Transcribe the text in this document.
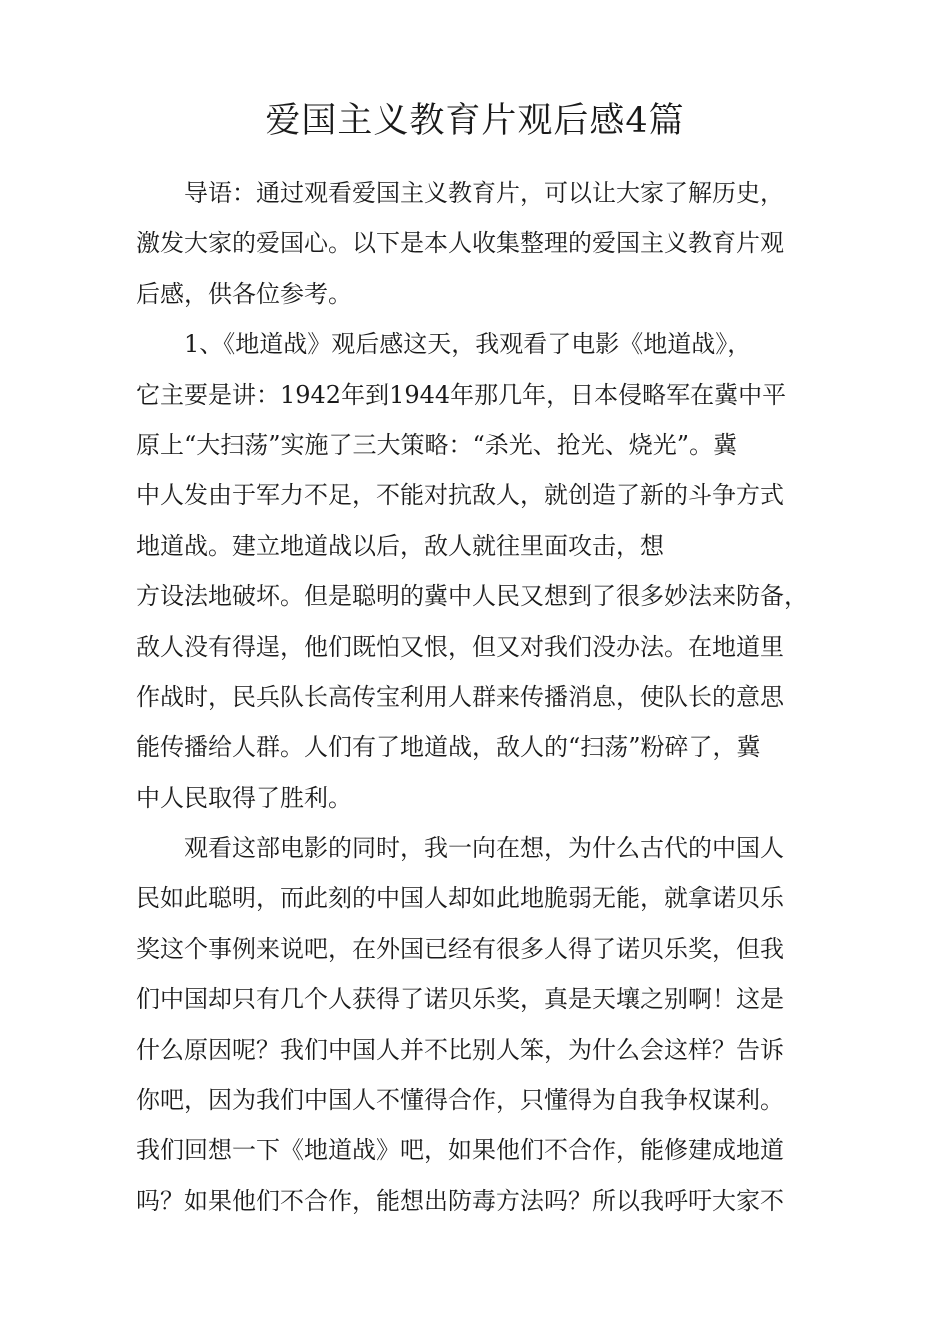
爱国主义教育片观后感4篇
导语：通过观看爱国主义教育片，可以让大家了解历史，
激发大家的爱国心。以下是本人收集整理的爱国主义教育片观
后感，供各位参考。
1、《地道战》观后感这天，我观看了电影《地道战》，
它主要是讲：1942年到1944年那几年，日本侵略军在冀中平
原上“大扫荡”实施了三大策略：“杀光、抢光、烧光”。冀
中人发由于军力不足，不能对抗敌人，就创造了新的斗争方式
地道战。建立地道战以后，敌人就往里面攻击，想
方设法地破坏。但是聪明的冀中人民又想到了很多妙法来防备，
敌人没有得逞，他们既怕又恨，但又对我们没办法。在地道里
作战时，民兵队长高传宝利用人群来传播消息，使队长的意思
能传播给人群。人们有了地道战，敌人的“扫荡”粉碎了，冀
中人民取得了胜利。
观看这部电影的同时，我一向在想，为什么古代的中国人
民如此聪明，而此刻的中国人却如此地脆弱无能，就拿诺贝乐
奖这个事例来说吧，在外国已经有很多人得了诺贝乐奖，但我
们中国却只有几个人获得了诺贝乐奖，真是天壤之别啊！这是
什么原因呢？我们中国人并不比别人笨，为什么会这样？告诉
你吧，因为我们中国人不懂得合作，只懂得为自我争权谋利。
我们回想一下《地道战》吧，如果他们不合作，能修建成地道
吗？如果他们不合作，能想出防毒方法吗？所以我呼吁大家不
